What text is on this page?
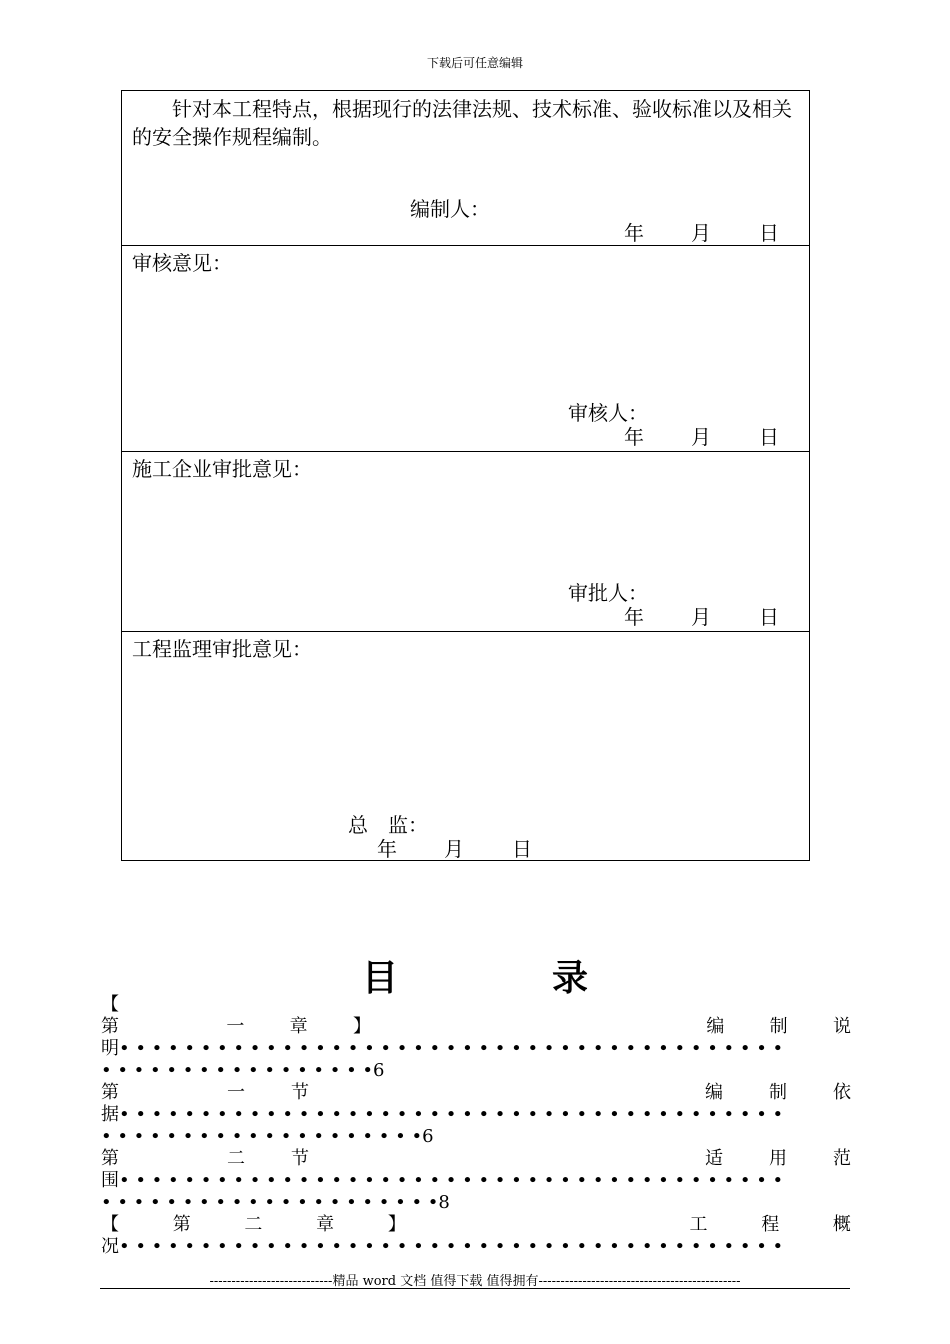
下载后可任意编辑
针对本工程特点，根据现行的法律法规、技术标准、验收标准以及相关的安全操作规程编制。
编制人：
年 月 日
审核意见：
审核人：
年 月 日
施工企业审批意见：
审批人：
年 月 日
工程监理审批意见：
总　监：
年 月 日
目	录
【
第	一	章	】	编	制	说
明• • • • • • • • • • • • • • • • • • • • • • • • • • • • • • • • • • • • • • • • •
• • • • • • • • • • • • • • • • •6
第	一	节	编	制	依
据• • • • • • • • • • • • • • • • • • • • • • • • • • • • • • • • • • • • • • • • •
• • • • • • • • • • • • • • • • • • • •6
第	二	节	适	用	范
围• • • • • • • • • • • • • • • • • • • • • • • • • • • • • • • • • • • • • • • • •
• • • • • • • • • • • • • • • • • • • • •8
【	第	二	章	】	工	程	概
况• • • • • • • • • • • • • • • • • • • • • • • • • • • • • • • • • • • • • • • • •
----------------------------精品 word 文档 值得下载 值得拥有----------------------------------------------
